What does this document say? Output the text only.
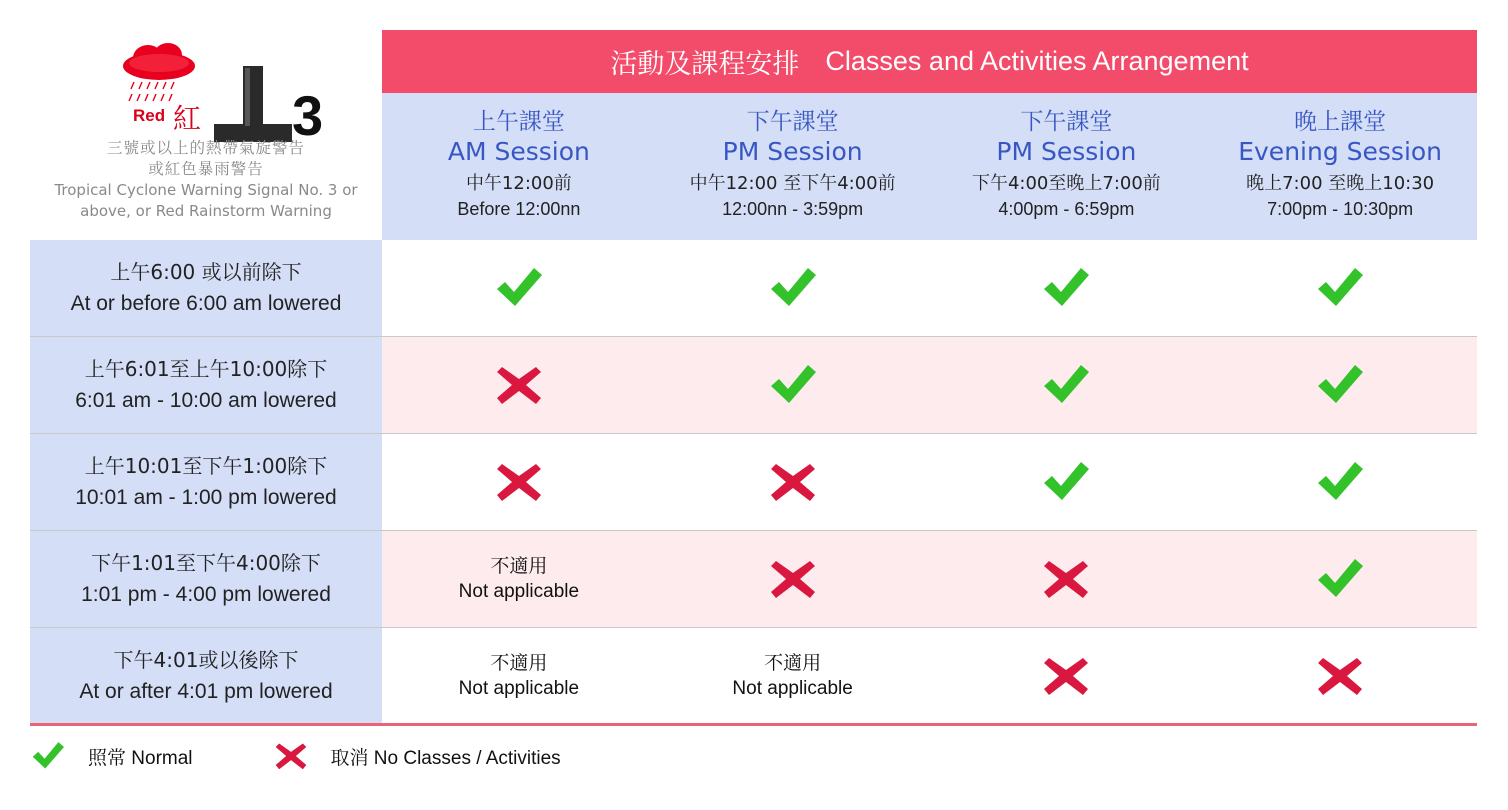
Red 紅 3
三號或以上的熱帶氣旋警告
或紅色暴雨警告
Tropical Cyclone Warning Signal No. 3 or
above, or Red Rainstorm Warning
活動及課程安排 Classes and Activities Arrangement
上午課堂
AM Session
中午12:00前
Before 12:00nn
下午課堂
PM Session
中午12:00 至下午4:00前
12:00nn - 3:59pm
下午課堂
PM Session
下午4:00至晚上7:00前
4:00pm - 6:59pm
晚上課堂
Evening Session
晚上7:00 至晚上10:30
7:00pm - 10:30pm
上午6:00 或以前除下
At or before 6:00 am lowered
上午6:01至上午10:00除下
6:01 am - 10:00 am lowered
上午10:01至下午1:00除下
10:01 am - 1:00 pm lowered
下午1:01至下午4:00除下
1:01 pm - 4:00 pm lowered
不適用
Not applicable
下午4:01或以後除下
At or after 4:01 pm lowered
不適用
Not applicable
不適用
Not applicable
照常 Normal	取消 No Classes / Activities
